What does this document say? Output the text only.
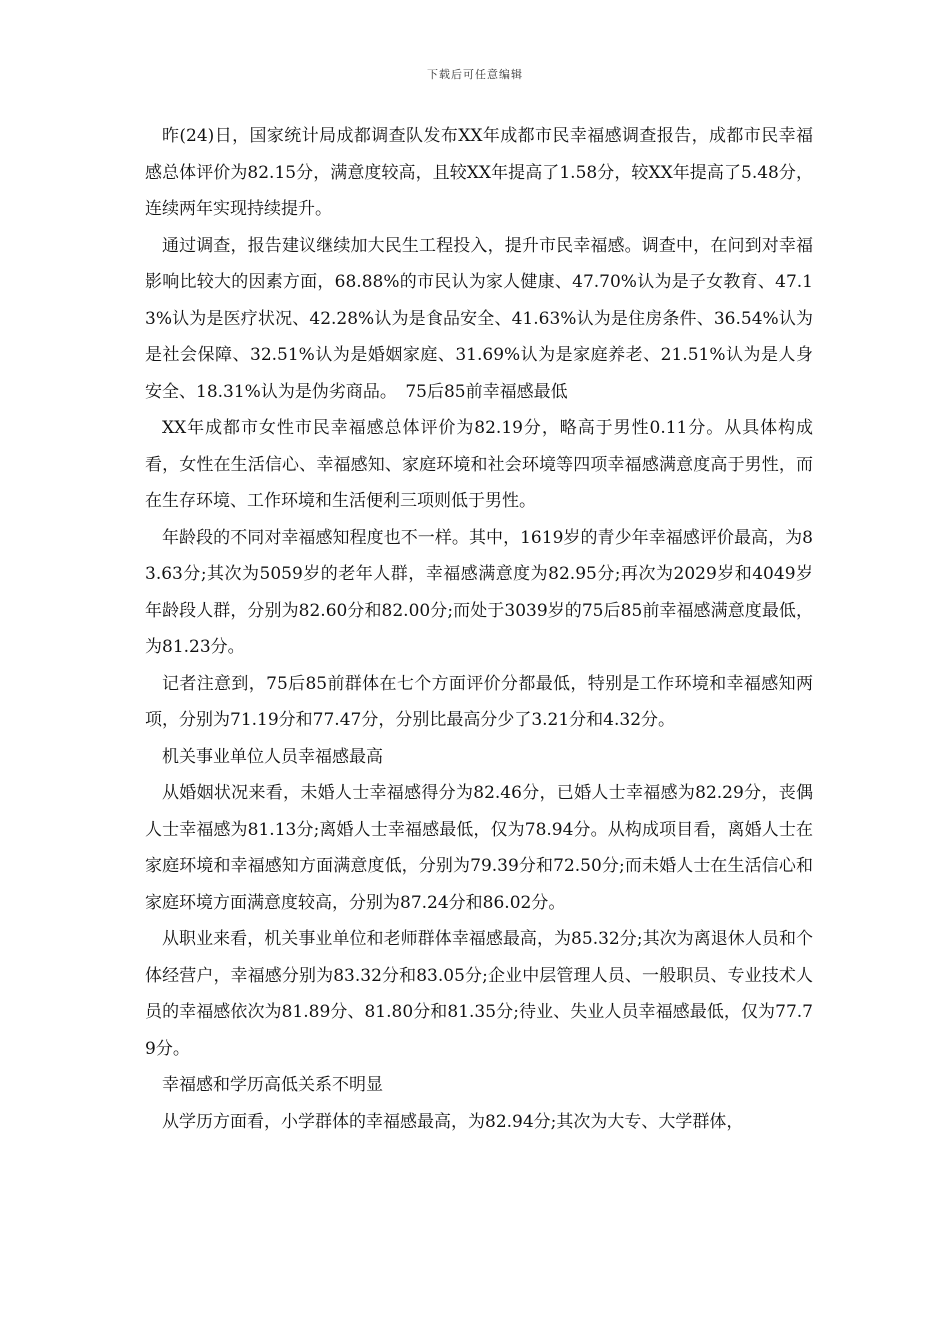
下载后可任意编辑

昨(24)日，国家统计局成都调查队发布XX年成都市民幸福感调查报告，成都市民幸福感总体评价为82.15分，满意度较高，且较XX年提高了1.58分，较XX年提高了5.48分，连续两年实现持续提升。

通过调查，报告建议继续加大民生工程投入，提升市民幸福感。调查中，在问到对幸福影响比较大的因素方面，68.88%的市民认为家人健康、47.70%认为是子女教育、47.13%认为是医疗状况、42.28%认为是食品安全、41.63%认为是住房条件、36.54%认为是社会保障、32.51%认为是婚姻家庭、31.69%认为是家庭养老、21.51%认为是人身安全、18.31%认为是伪劣商品。　75后85前幸福感最低

XX年成都市女性市民幸福感总体评价为82.19分，略高于男性0.11分。从具体构成看，女性在生活信心、幸福感知、家庭环境和社会环境等四项幸福感满意度高于男性，而在生存环境、工作环境和生活便利三项则低于男性。

年龄段的不同对幸福感知程度也不一样。其中，1619岁的青少年幸福感评价最高，为83.63分;其次为5059岁的老年人群，幸福感满意度为82.95分;再次为2029岁和4049岁年龄段人群，分别为82.60分和82.00分;而处于3039岁的75后85前幸福感满意度最低，为81.23分。

记者注意到，75后85前群体在七个方面评价分都最低，特别是工作环境和幸福感知两项，分别为71.19分和77.47分，分别比最高分少了3.21分和4.32分。

机关事业单位人员幸福感最高

从婚姻状况来看，未婚人士幸福感得分为82.46分，已婚人士幸福感为82.29分，丧偶人士幸福感为81.13分;离婚人士幸福感最低，仅为78.94分。从构成项目看，离婚人士在家庭环境和幸福感知方面满意度低，分别为79.39分和72.50分;而未婚人士在生活信心和家庭环境方面满意度较高，分别为87.24分和86.02分。

从职业来看，机关事业单位和老师群体幸福感最高，为85.32分;其次为离退休人员和个体经营户，幸福感分别为83.32分和83.05分;企业中层管理人员、一般职员、专业技术人员的幸福感依次为81.89分、81.80分和81.35分;待业、失业人员幸福感最低，仅为77.79分。

幸福感和学历高低关系不明显

从学历方面看，小学群体的幸福感最高，为82.94分;其次为大专、大学群体，
